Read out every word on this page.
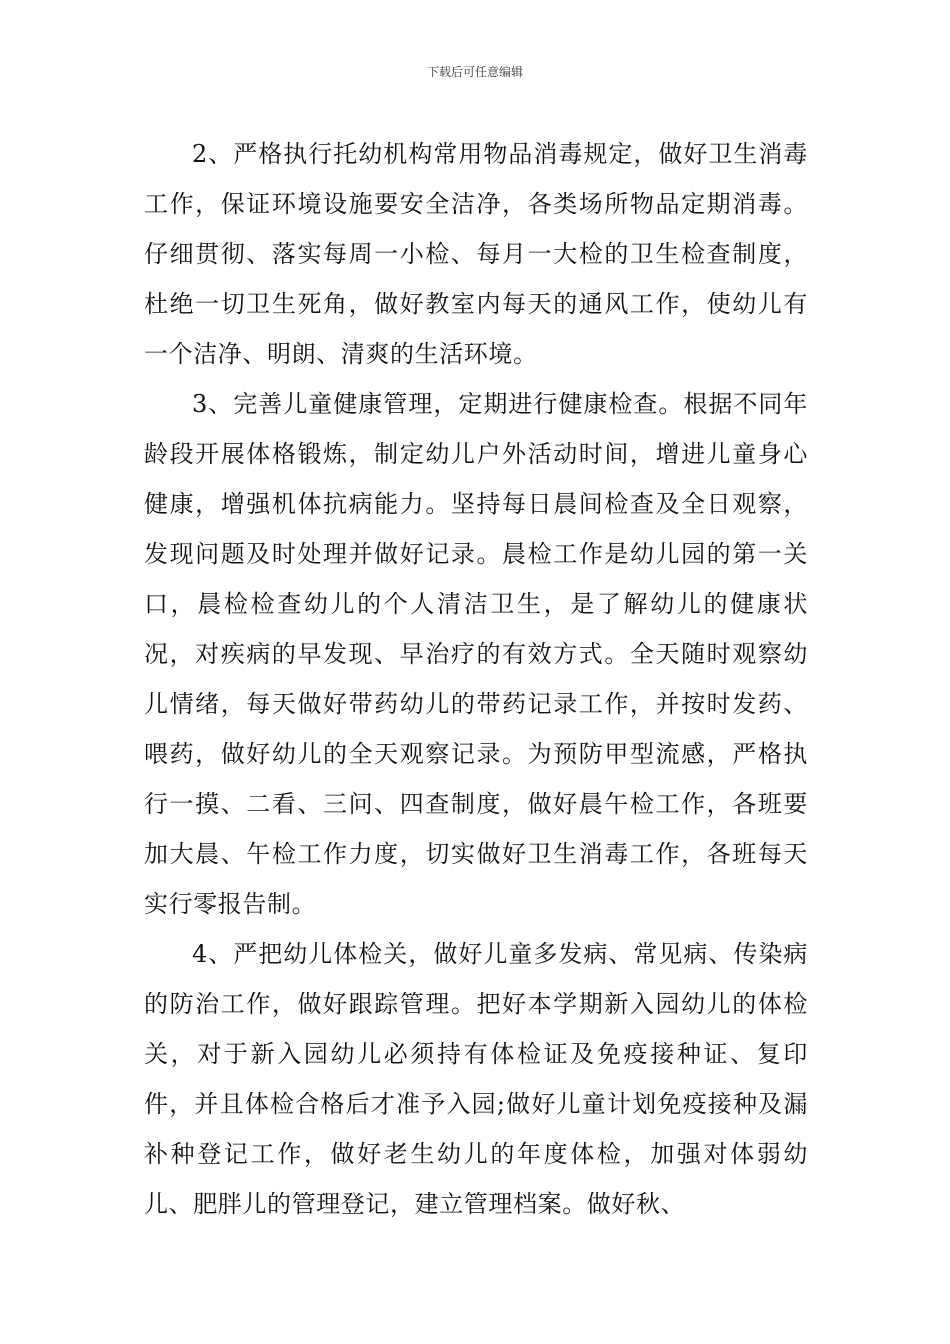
下载后可任意编辑

2、严格执行托幼机构常用物品消毒规定，做好卫生消毒工作，保证环境设施要安全洁净，各类场所物品定期消毒。仔细贯彻、落实每周一小检、每月一大检的卫生检查制度，杜绝一切卫生死角，做好教室内每天的通风工作，使幼儿有一个洁净、明朗、清爽的生活环境。

3、完善儿童健康管理，定期进行健康检查。根据不同年龄段开展体格锻炼，制定幼儿户外活动时间，增进儿童身心健康，增强机体抗病能力。坚持每日晨间检查及全日观察，发现问题及时处理并做好记录。晨检工作是幼儿园的第一关口，晨检检查幼儿的个人清洁卫生，是了解幼儿的健康状况，对疾病的早发现、早治疗的有效方式。全天随时观察幼儿情绪，每天做好带药幼儿的带药记录工作，并按时发药、喂药，做好幼儿的全天观察记录。为预防甲型流感，严格执行一摸、二看、三问、四查制度，做好晨午检工作，各班要加大晨、午检工作力度，切实做好卫生消毒工作，各班每天实行零报告制。

4、严把幼儿体检关，做好儿童多发病、常见病、传染病的防治工作，做好跟踪管理。把好本学期新入园幼儿的体检关，对于新入园幼儿必须持有体检证及免疫接种证、复印件，并且体检合格后才准予入园;做好儿童计划免疫接种及漏补种登记工作，做好老生幼儿的年度体检，加强对体弱幼儿、肥胖儿的管理登记，建立管理档案。做好秋、
